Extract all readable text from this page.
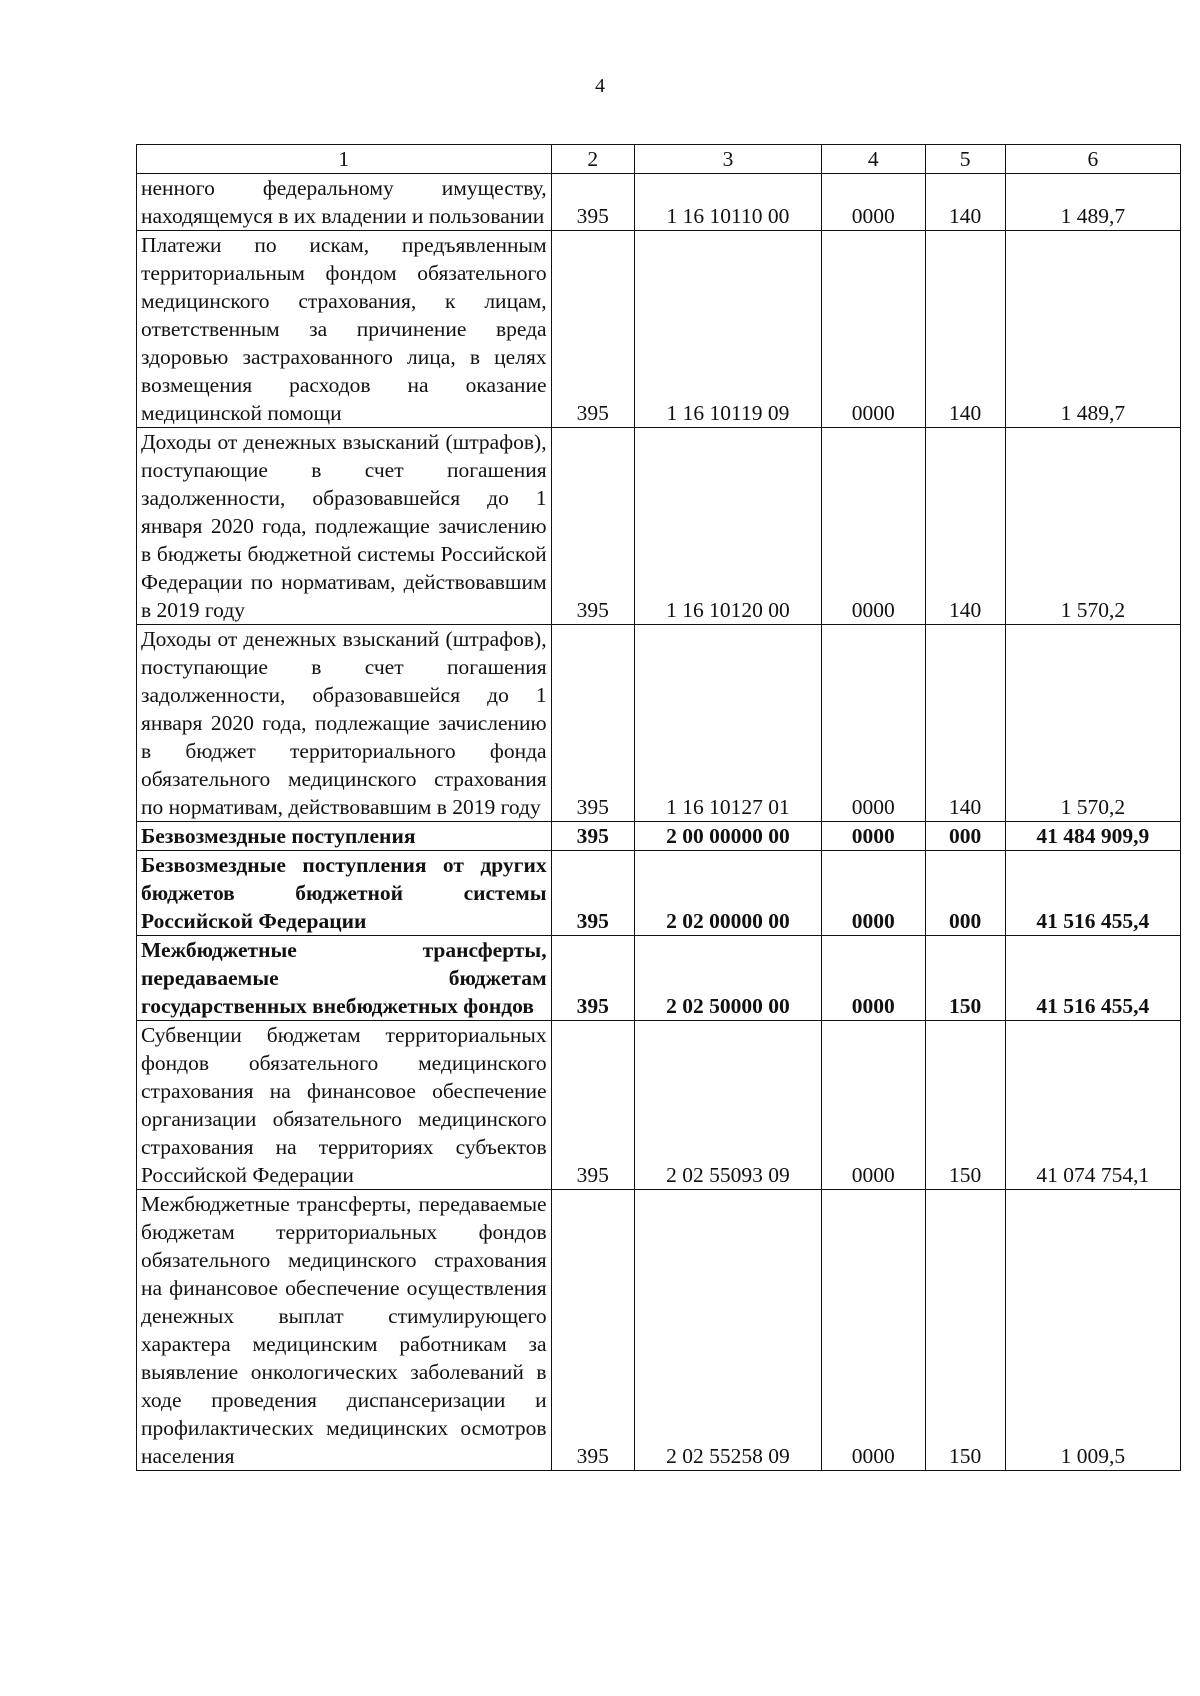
4
1	2	3	4	5	6
ненного федеральному имуществу, находящемуся в их владении и пользовании	395	1 16 10110 00	0000	140	1 489,7
Платежи по искам, предъявленным территориальным фондом обязательного медицинского страхования, к лицам, ответственным за причинение вреда здоровью застрахованного лица, в целях возмещения расходов на оказание медицинской помощи	395	1 16 10119 09	0000	140	1 489,7
Доходы от денежных взысканий (штрафов), поступающие в счет погашения задолженности, образовавшейся до 1 января 2020 года, подлежащие зачислению в бюджеты бюджетной системы Российской Федерации по нормативам, действовавшим в 2019 году	395	1 16 10120 00	0000	140	1 570,2
Доходы от денежных взысканий (штрафов), поступающие в счет погашения задолженности, образовавшейся до 1 января 2020 года, подлежащие зачислению в бюджет территориального фонда обязательного медицинского страхования по нормативам, действовавшим в 2019 году	395	1 16 10127 01	0000	140	1 570,2
Безвозмездные поступления	395	2 00 00000 00	0000	000	41 484 909,9
Безвозмездные поступления от других бюджетов бюджетной системы Российской Федерации	395	2 02 00000 00	0000	000	41 516 455,4
Межбюджетные трансферты, передаваемые бюджетам государственных внебюджетных фондов	395	2 02 50000 00	0000	150	41 516 455,4
Субвенции бюджетам территориальных фондов обязательного медицинского страхования на финансовое обеспечение организации обязательного медицинского страхования на территориях субъектов Российской Федерации	395	2 02 55093 09	0000	150	41 074 754,1
Межбюджетные трансферты, передаваемые бюджетам территориальных фондов обязательного медицинского страхования на финансовое обеспечение осуществления денежных выплат стимулирующего характера медицинским работникам за выявление онкологических заболеваний в ходе проведения диспансеризации и профилактических медицинских осмотров населения	395	2 02 55258 09	0000	150	1 009,5
